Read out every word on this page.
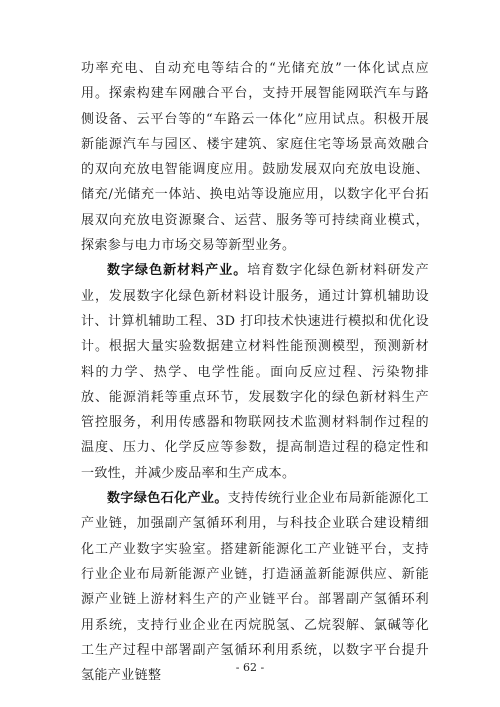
功率充电、自动充电等结合的“光储充放”一体化试点应用。探索构建车网融合平台，支持开展智能网联汽车与路侧设备、云平台等的“车路云一体化”应用试点。积极开展新能源汽车与园区、楼宇建筑、家庭住宅等场景高效融合的双向充放电智能调度应用。鼓励发展双向充放电设施、储充/光储充一体站、换电站等设施应用，以数字化平台拓展双向充放电资源聚合、运营、服务等可持续商业模式，探索参与电力市场交易等新型业务。

数字绿色新材料产业。培育数字化绿色新材料研发产业，发展数字化绿色新材料设计服务，通过计算机辅助设计、计算机辅助工程、3D 打印技术快速进行模拟和优化设计。根据大量实验数据建立材料性能预测模型，预测新材料的力学、热学、电学性能。面向反应过程、污染物排放、能源消耗等重点环节，发展数字化的绿色新材料生产管控服务，利用传感器和物联网技术监测材料制作过程的温度、压力、化学反应等参数，提高制造过程的稳定性和一致性，并减少废品率和生产成本。

数字绿色石化产业。支持传统行业企业布局新能源化工产业链，加强副产氢循环利用，与科技企业联合建设精细化工产业数字实验室。搭建新能源化工产业链平台，支持行业企业布局新能源产业链，打造涵盖新能源供应、新能源产业链上游材料生产的产业链平台。部署副产氢循环利用系统，支持行业企业在丙烷脱氢、乙烷裂解、氯碱等化工生产过程中部署副产氢循环利用系统，以数字平台提升氢能产业链整

- 62 -
